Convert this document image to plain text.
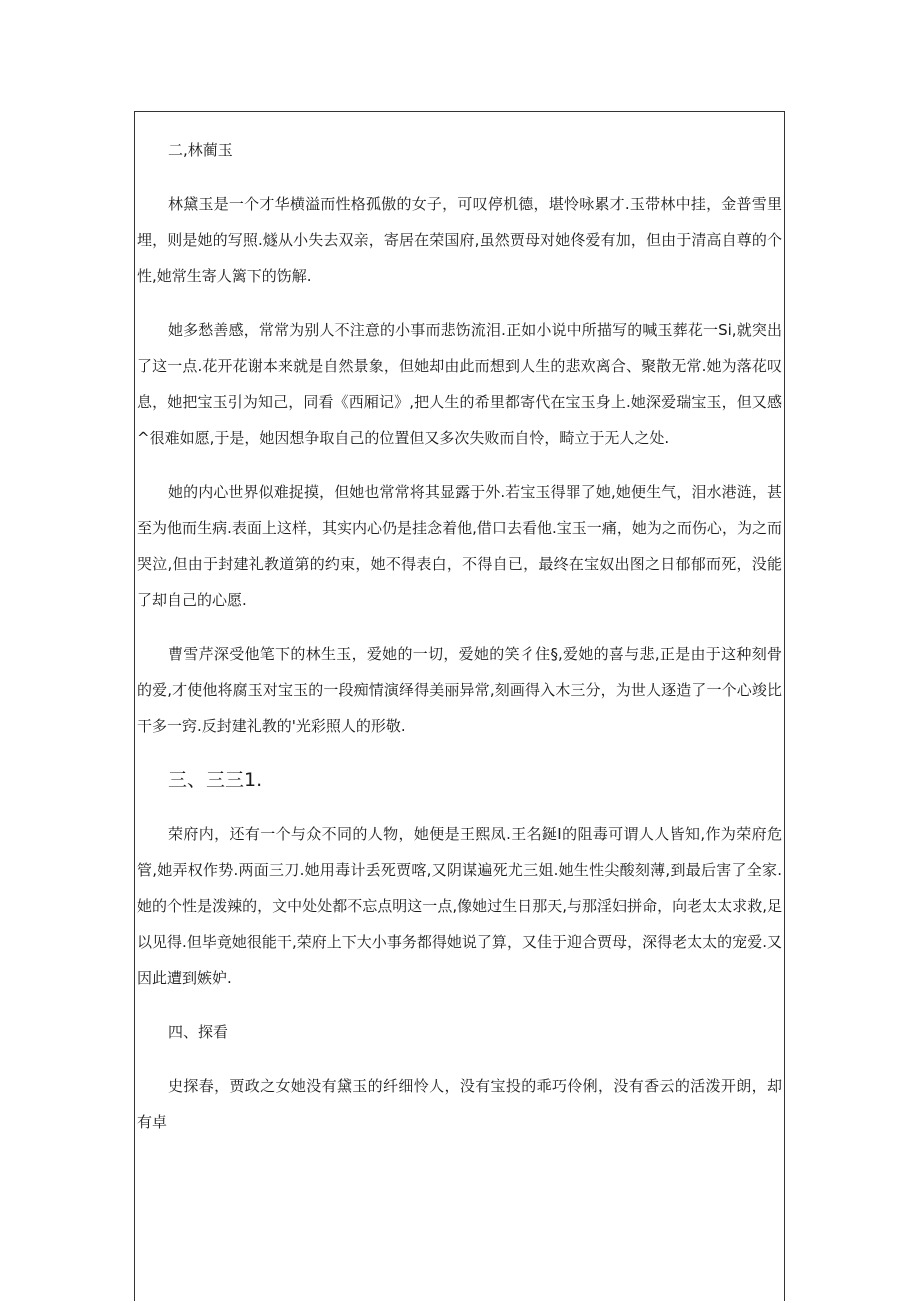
二,林蔺玉

林黛玉是一个才华横溢而性格孤傲的女子，可叹停机德，堪怜咏累才.玉带林中挂，金普雪里埋，则是她的写照.燧从小失去双亲，寄居在荣国府,虽然贾母对她佟爱有加，但由于清高自尊的个性,她常生寄人篱下的饬解.

她多愁善感，常常为别人不注意的小事而悲饬流泪.正如小说中所描写的喊玉葬花一Si,就突出了这一点.花开花谢本来就是自然景象，但她却由此而想到人生的悲欢离合、聚散无常.她为落花叹息，她把宝玉引为知己，同看《西厢记》,把人生的希里都寄代在宝玉身上.她深爱瑞宝玉，但又感^很难如愿,于是，她因想争取自己的位置但又多次失败而自怜，畸立于无人之处.

她的内心世界似难捉摸，但她也常常将其显露于外.若宝玉得罪了她,她便生气，泪水港涟，甚至为他而生病.表面上这样，其实内心仍是挂念着他,借口去看他.宝玉一痛，她为之而伤心，为之而哭泣,但由于封建礼教道第的约束，她不得表白，不得自已，最终在宝奴出图之日郁郁而死，没能了却自己的心愿.

曹雪芹深受他笔下的林生玉，爱她的一切，爱她的笑彳住§,爱她的喜与悲,正是由于这种刻骨的爱,才使他将腐玉对宝玉的一段痴情演绎得美丽异常,刻画得入木三分，为世人逐造了一个心竣比干多一窍.反封建礼教的'光彩照人的形敬.

三、三三1.

荣府内，还有一个与众不同的人物，她便是王熙凤.王名鋋I的阻毒可谓人人皆知,作为荣府危管,她弄权作势.两面三刀.她用毒计丢死贾喀,又阴谋遍死尤三姐.她生性尖酸刻薄,到最后害了全家.她的个性是泼辣的，文中处处都不忘点明这一点,像她过生日那天,与那淫妇拼命，向老太太求救,足以见得.但毕竟她很能干,荣府上下大小事务都得她说了算，又佳于迎合贾母，深得老太太的宠爱.又因此遭到嫉妒.

四、探看

史探春，贾政之女她没有黛玉的纤细怜人，没有宝投的乖巧伶俐，没有香云的活泼开朗，却有卓
